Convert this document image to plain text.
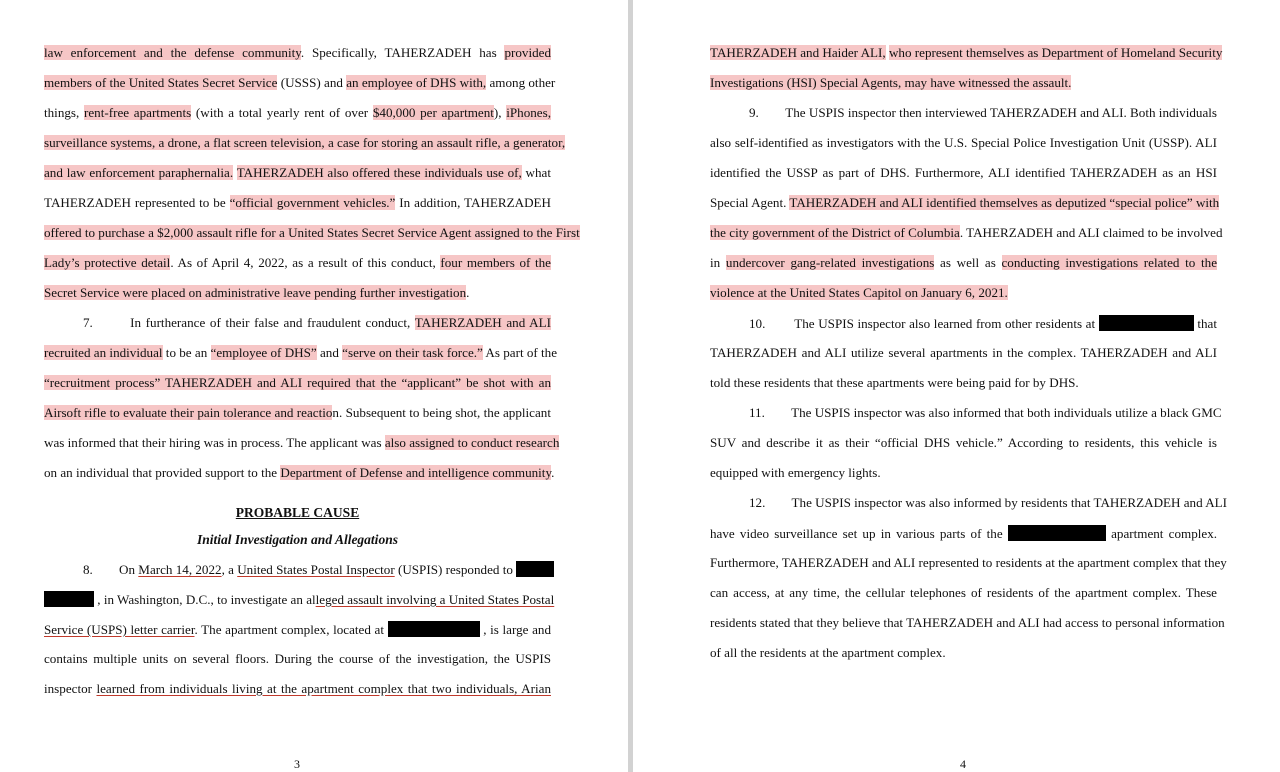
law enforcement and the defense community. Specifically, TAHERZADEH has provided
members of the United States Secret Service (USSS) and an employee of DHS with, among other
things, rent-free apartments (with a total yearly rent of over $40,000 per apartment), iPhones,
surveillance systems, a drone, a flat screen television, a case for storing an assault rifle, a generator,
and law enforcement paraphernalia. TAHERZADEH also offered these individuals use of, what
TAHERZADEH represented to be “official government vehicles.” In addition, TAHERZADEH
offered to purchase a $2,000 assault rifle for a United States Secret Service Agent assigned to the First
Lady’s protective detail. As of April 4, 2022, as a result of this conduct, four members of the
Secret Service were placed on administrative leave pending further investigation.
7.        In furtherance of their false and fraudulent conduct, TAHERZADEH and ALI
recruited an individual to be an “employee of DHS” and “serve on their task force.” As part of the
“recruitment process” TAHERZADEH and ALI required that the “applicant” be shot with an
Airsoft rifle to evaluate their pain tolerance and reaction. Subsequent to being shot, the applicant
was informed that their hiring was in process. The applicant was also assigned to conduct research
on an individual that provided support to the Department of Defense and intelligence community.
8.        On March 14, 2022, a United States Postal Inspector (USPIS) responded to
, in Washington, D.C., to investigate an alleged assault involving a United States Postal
Service (USPS) letter carrier. The apartment complex, located at	, is large and
contains multiple units on several floors. During the course of the investigation, the USPIS
inspector learned from individuals living at the apartment complex that two individuals, Arian
PROBABLE CAUSE
Initial Investigation and Allegations
3
TAHERZADEH and Haider ALI, who represent themselves as Department of Homeland Security
Investigations (HSI) Special Agents, may have witnessed the assault.
9.        The USPIS inspector then interviewed TAHERZADEH and ALI. Both individuals
also self-identified as investigators with the U.S. Special Police Investigation Unit (USSP). ALI
identified the USSP as part of DHS. Furthermore, ALI identified TAHERZADEH as an HSI
Special Agent. TAHERZADEH and ALI identified themselves as deputized “special police” with
the city government of the District of Columbia. TAHERZADEH and ALI claimed to be involved
in undercover gang-related investigations as well as conducting investigations related to the
violence at the United States Capitol on January 6, 2021.
10.        The USPIS inspector also learned from other residents at	that
TAHERZADEH and ALI utilize several apartments in the complex. TAHERZADEH and ALI
told these residents that these apartments were being paid for by DHS.
11.        The USPIS inspector was also informed that both individuals utilize a black GMC
SUV and describe it as their “official DHS vehicle.” According to residents, this vehicle is
equipped with emergency lights.
12.        The USPIS inspector was also informed by residents that TAHERZADEH and ALI
have video surveillance set up in various parts of the	apartment complex.
Furthermore, TAHERZADEH and ALI represented to residents at the apartment complex that they
can access, at any time, the cellular telephones of residents of the apartment complex. These
residents stated that they believe that TAHERZADEH and ALI had access to personal information
of all the residents at the apartment complex.
4
